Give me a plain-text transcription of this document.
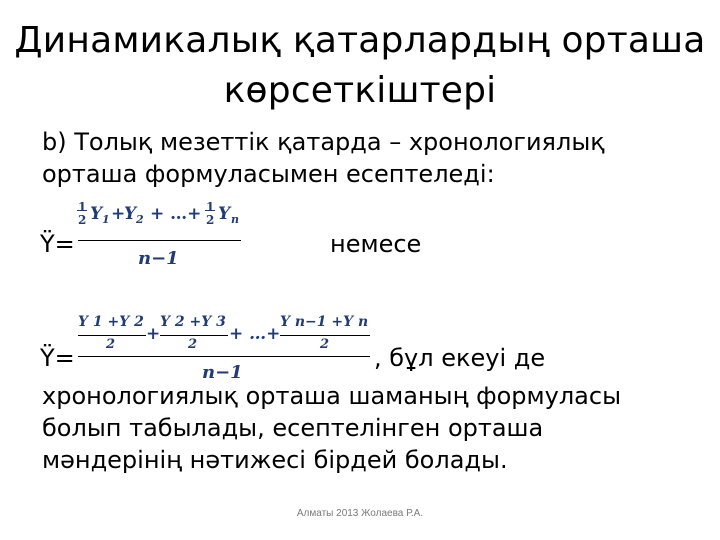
Динамикалық қатарлардың орташа
көрсеткіштері
b) Толық мезеттік қатарда – хронологиялық
орташа формуласымен есептеледі:
Ÿ=
1
2 Y 1 +
Y 2 + …+ 1
2 Y n
n−1
немесе
Ÿ=
Y 1 +Y 2
2
+
Y 2 +Y 3
2
+ …+
Y n−1 +Y n
2
n−1
, бұл екеуі де
хронологиялық орташа шаманың формуласы
болып табылады, есептелінген орташа
мәндерінің нәтижесі бірдей болады.
Алматы 2013 Жолаева Р.А.
